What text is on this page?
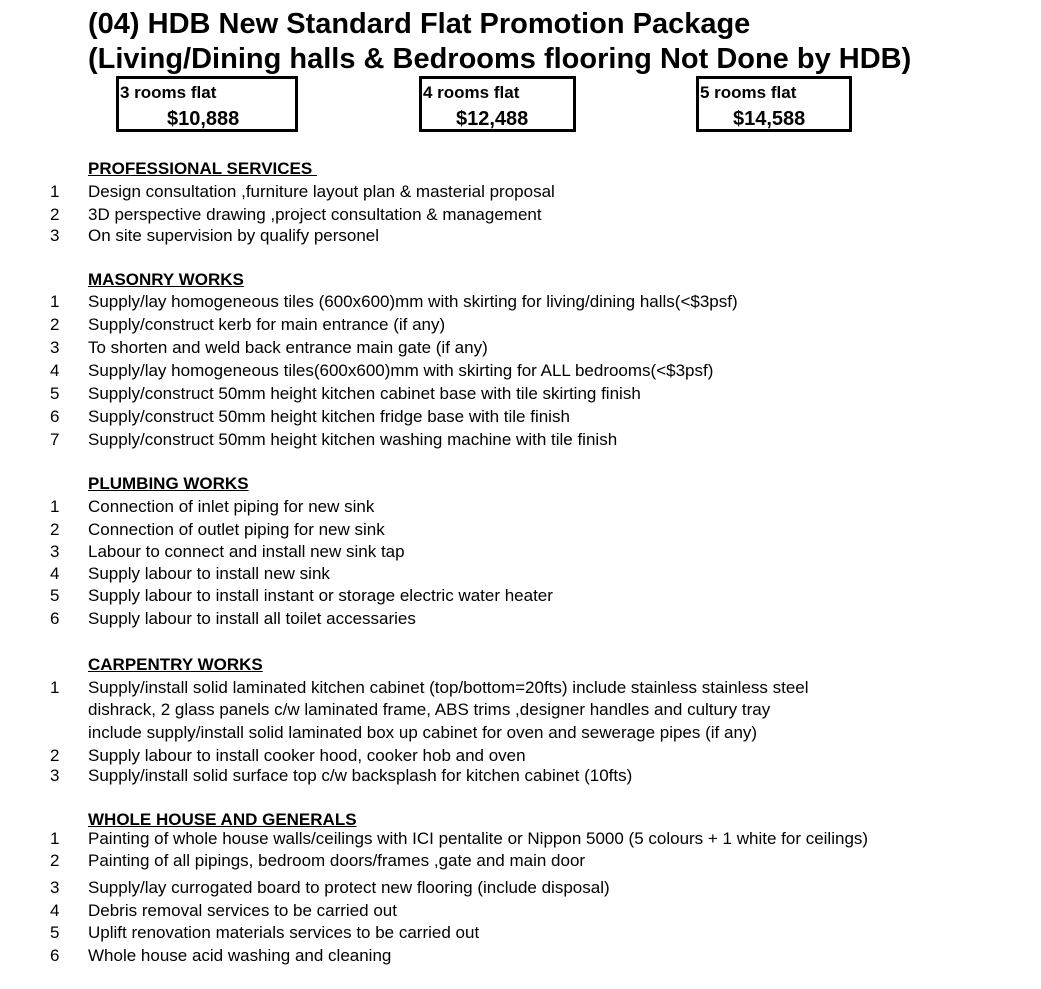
(04) HDB New Standard Flat Promotion Package
(Living/Dining halls & Bedrooms flooring Not Done by HDB)
3 rooms flat
$10,888
4 rooms flat
$12,488
5 rooms flat
$14,588
PROFESSIONAL SERVICES
1 Design consultation ,furniture layout plan & masterial proposal
2 3D perspective drawing ,project consultation & management
3 On site supervision by qualify personel
MASONRY WORKS
1 Supply/lay homogeneous tiles (600x600)mm with skirting for living/dining halls(<$3psf)
2 Supply/construct kerb for main entrance (if any)
3 To shorten and weld back entrance main gate (if any)
4 Supply/lay homogeneous tiles(600x600)mm with skirting for ALL bedrooms(<$3psf)
5 Supply/construct 50mm height kitchen cabinet base with tile skirting finish
6 Supply/construct 50mm height kitchen fridge base with tile finish
7 Supply/construct 50mm height kitchen washing machine with tile finish
PLUMBING WORKS
1 Connection of inlet piping for new sink
2 Connection of outlet piping for new sink
3 Labour to connect and install new sink tap
4 Supply labour to install new sink
5 Supply labour to install instant or storage electric water heater
6 Supply labour to install all toilet accessaries
CARPENTRY WORKS
1 Supply/install solid laminated kitchen cabinet (top/bottom=20fts) include stainless stainless steel
dishrack, 2 glass panels c/w laminated frame, ABS trims ,designer handles and cultury tray
include supply/install solid laminated box up cabinet for oven and sewerage pipes (if any)
2 Supply labour to install cooker hood, cooker hob and oven
3 Supply/install solid surface top c/w backsplash for kitchen cabinet (10fts)
WHOLE HOUSE AND GENERALS
1 Painting of whole house walls/ceilings with ICI pentalite or Nippon 5000 (5 colours + 1 white for ceilings)
2 Painting of all pipings, bedroom doors/frames ,gate and main door
3 Supply/lay currogated board to protect new flooring (include disposal)
4 Debris removal services to be carried out
5 Uplift renovation materials services to be carried out
6 Whole house acid washing and cleaning
